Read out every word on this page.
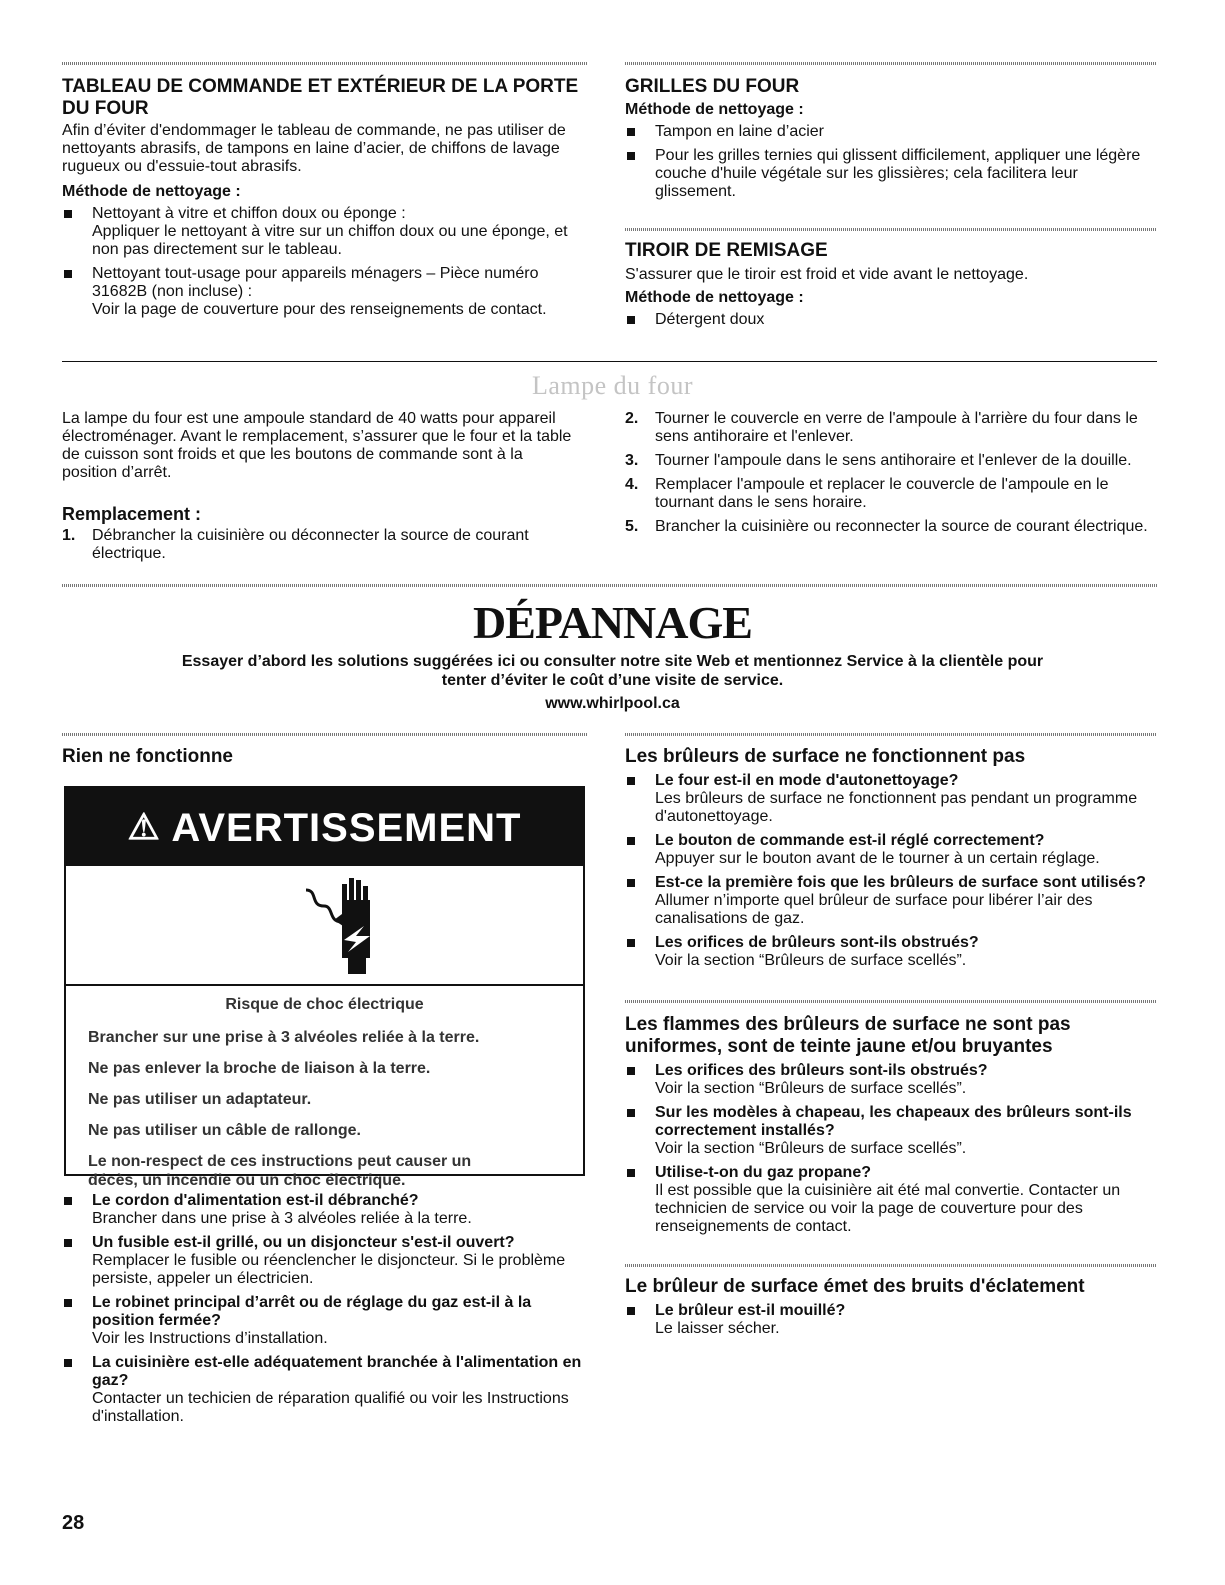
TABLEAU DE COMMANDE ET EXTÉRIEUR DE LA PORTE DU FOUR

Afin d’éviter d'endommager le tableau de commande, ne pas utiliser de nettoyants abrasifs, de tampons en laine d’acier, de chiffons de lavage rugueux ou d'essuie-tout abrasifs.

Méthode de nettoyage :
Nettoyant à vitre et chiffon doux ou éponge :
Appliquer le nettoyant à vitre sur un chiffon doux ou une éponge, et non pas directement sur le tableau.
Nettoyant tout-usage pour appareils ménagers – Pièce numéro 31682B (non incluse) :
Voir la page de couverture pour des renseignements de contact.
GRILLES DU FOUR
Méthode de nettoyage :
Tampon en laine d’acier
Pour les grilles ternies qui glissent difficilement, appliquer une légère couche d'huile végétale sur les glissières; cela facilitera leur glissement.
TIROIR DE REMISAGE

S'assurer que le tiroir est froid et vide avant le nettoyage.

Méthode de nettoyage :
Détergent doux
Lampe du four

La lampe du four est une ampoule standard de 40 watts pour appareil électroménager. Avant le remplacement, s’assurer que le four et la table de cuisson sont froids et que les boutons de commande sont à la position d’arrêt.

Remplacement :
1. Débrancher la cuisinière ou déconnecter la source de courant électrique.
2. Tourner le couvercle en verre de l'ampoule à l'arrière du four dans le sens antihoraire et l'enlever.
3. Tourner l'ampoule dans le sens antihoraire et l'enlever de la douille.
4. Remplacer l'ampoule et replacer le couvercle de l'ampoule en le tournant dans le sens horaire.
5. Brancher la cuisinière ou reconnecter la source de courant électrique.
DÉPANNAGE
Essayer d’abord les solutions suggérées ici ou consulter notre site Web et mentionnez Service à la clientèle pour
tenter d’éviter le coût d’une visite de service.
www.whirlpool.ca
Rien ne fonctionne
⚠ AVERTISSEMENT
Risque de choc électrique
Brancher sur une prise à 3 alvéoles reliée à la terre.
Ne pas enlever la broche de liaison à la terre.
Ne pas utiliser un adaptateur.
Ne pas utiliser un câble de rallonge.
Le non-respect de ces instructions peut causer un décès, un incendie ou un choc électrique.
Le cordon d'alimentation est-il débranché?
Brancher dans une prise à 3 alvéoles reliée à la terre.
Un fusible est-il grillé, ou un disjoncteur s'est-il ouvert?
Remplacer le fusible ou réenclencher le disjoncteur. Si le problème persiste, appeler un électricien.
Le robinet principal d’arrêt ou de réglage du gaz est-il à la position fermée?
Voir les Instructions d’installation.
La cuisinière est-elle adéquatement branchée à l'alimentation en gaz?
Contacter un techicien de réparation qualifié ou voir les Instructions d'installation.
Les brûleurs de surface ne fonctionnent pas
Le four est-il en mode d'autonettoyage?
Les brûleurs de surface ne fonctionnent pas pendant un programme d'autonettoyage.
Le bouton de commande est-il réglé correctement?
Appuyer sur le bouton avant de le tourner à un certain réglage.
Est-ce la première fois que les brûleurs de surface sont utilisés? Allumer n’importe quel brûleur de surface pour libérer l’air des canalisations de gaz.
Les orifices de brûleurs sont-ils obstrués?
Voir la section “Brûleurs de surface scellés”.
Les flammes des brûleurs de surface ne sont pas uniformes, sont de teinte jaune et/ou bruyantes
Les orifices des brûleurs sont-ils obstrués?
Voir la section “Brûleurs de surface scellés”.
Sur les modèles à chapeau, les chapeaux des brûleurs sont-ils correctement installés?
Voir la section “Brûleurs de surface scellés”.
Utilise-t-on du gaz propane?
Il est possible que la cuisinière ait été mal convertie. Contacter un technicien de service ou voir la page de couverture pour des renseignements de contact.
Le brûleur de surface émet des bruits d'éclatement
Le brûleur est-il mouillé?
Le laisser sécher.
28
